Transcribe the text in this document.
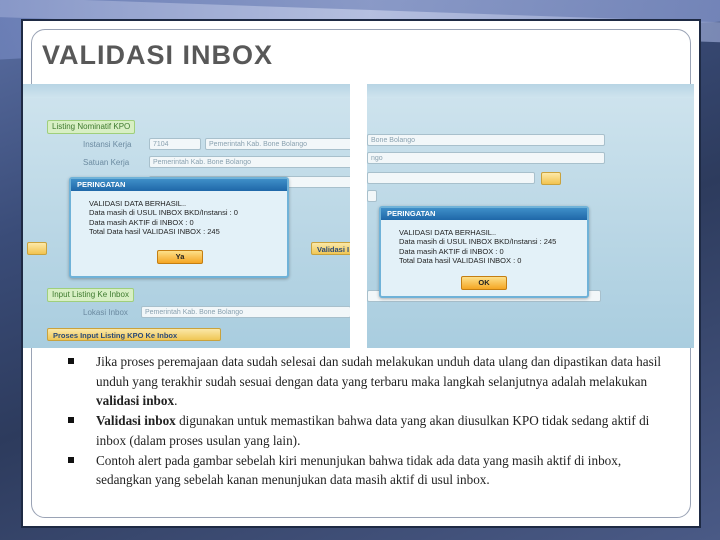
VALIDASI INBOX
Listing Nominatif KPO
Instansi Kerja	7104	Pemerintah Kab. Bone Bolango
Satuan Kerja	Pemerintah Kab. Bone Bolango
Validasi I
Input Listing Ke Inbox
Lokasi Inbox	Pemerintah Kab. Bone Bolango
Proses Input Listing KPO Ke Inbox
PERINGATAN
VALIDASI DATA BERHASIL..
Data masih di USUL INBOX BKD/Instansi : 0
Data masih AKTIF di INBOX : 0
Total Data hasil VALIDASI INBOX : 245
Ya
Bone Bolango
ngo
PERINGATAN
VALIDASI DATA BERHASIL..
Data masih di USUL INBOX BKD/Instansi : 245
Data masih AKTIF di INBOX : 0
Total Data hasil VALIDASI INBOX : 0
OK
Jika proses peremajaan data sudah selesai dan sudah melakukan unduh data ulang dan dipastikan data hasil unduh yang terakhir sudah sesuai dengan data yang terbaru maka langkah selanjutnya adalah melakukan validasi inbox.
Validasi inbox digunakan untuk memastikan bahwa data yang akan diusulkan KPO tidak sedang aktif di inbox (dalam proses usulan yang lain).
Contoh alert pada gambar sebelah kiri menunjukan bahwa tidak ada data yang masih aktif di inbox, sedangkan yang sebelah kanan menunjukan data masih aktif di usul inbox.
